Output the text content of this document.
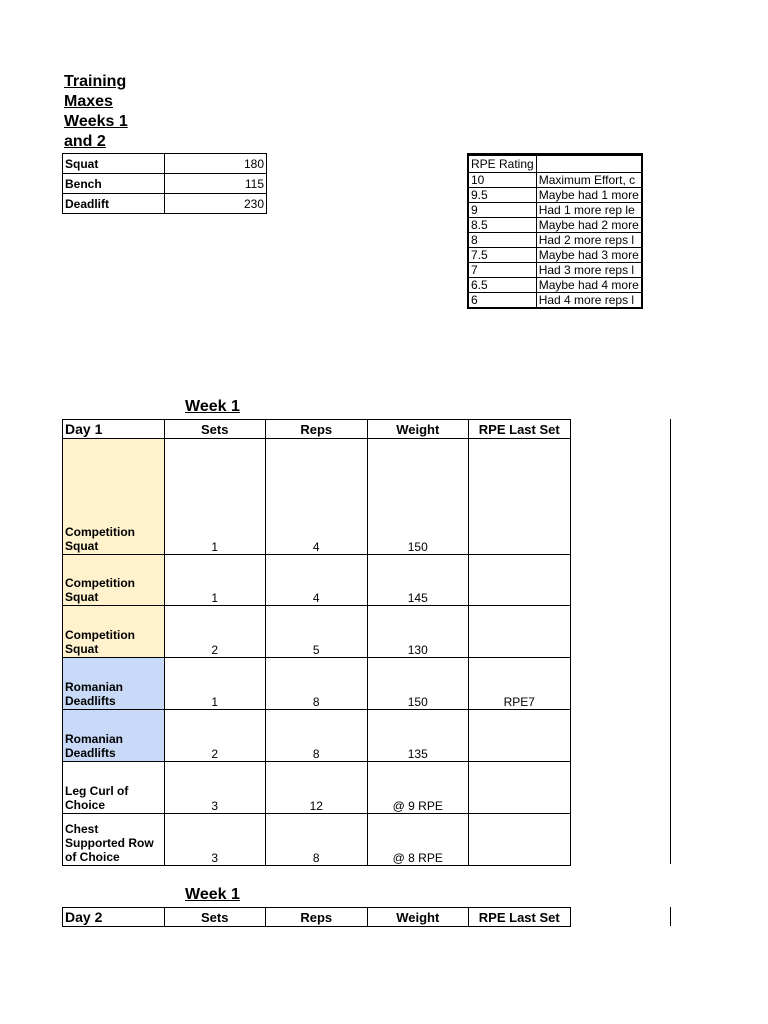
Training Maxes Weeks 1 and 2
Squat	180
Bench	115
Deadlift	230
RPE Rating	
10	Maximum Effort, c
9.5	Maybe had 1 more
9	Had 1 more rep le
8.5	Maybe had 2 more
8	Had 2 more reps l
7.5	Maybe had 3 more
7	Had 3 more reps l
6.5	Maybe had 4 more
6	Had 4 more reps l
Week 1
Day 1	Sets	Reps	Weight	RPE Last Set
Competition Squat	1	4	150	
Competition Squat	1	4	145	
Competition Squat	2	5	130	
Romanian Deadlifts	1	8	150	RPE7
Romanian Deadlifts	2	8	135	
Leg Curl of Choice	3	12	@ 9 RPE	
Chest Supported Row of Choice	3	8	@ 8 RPE	
Week 1
Day 2	Sets	Reps	Weight	RPE Last Set
